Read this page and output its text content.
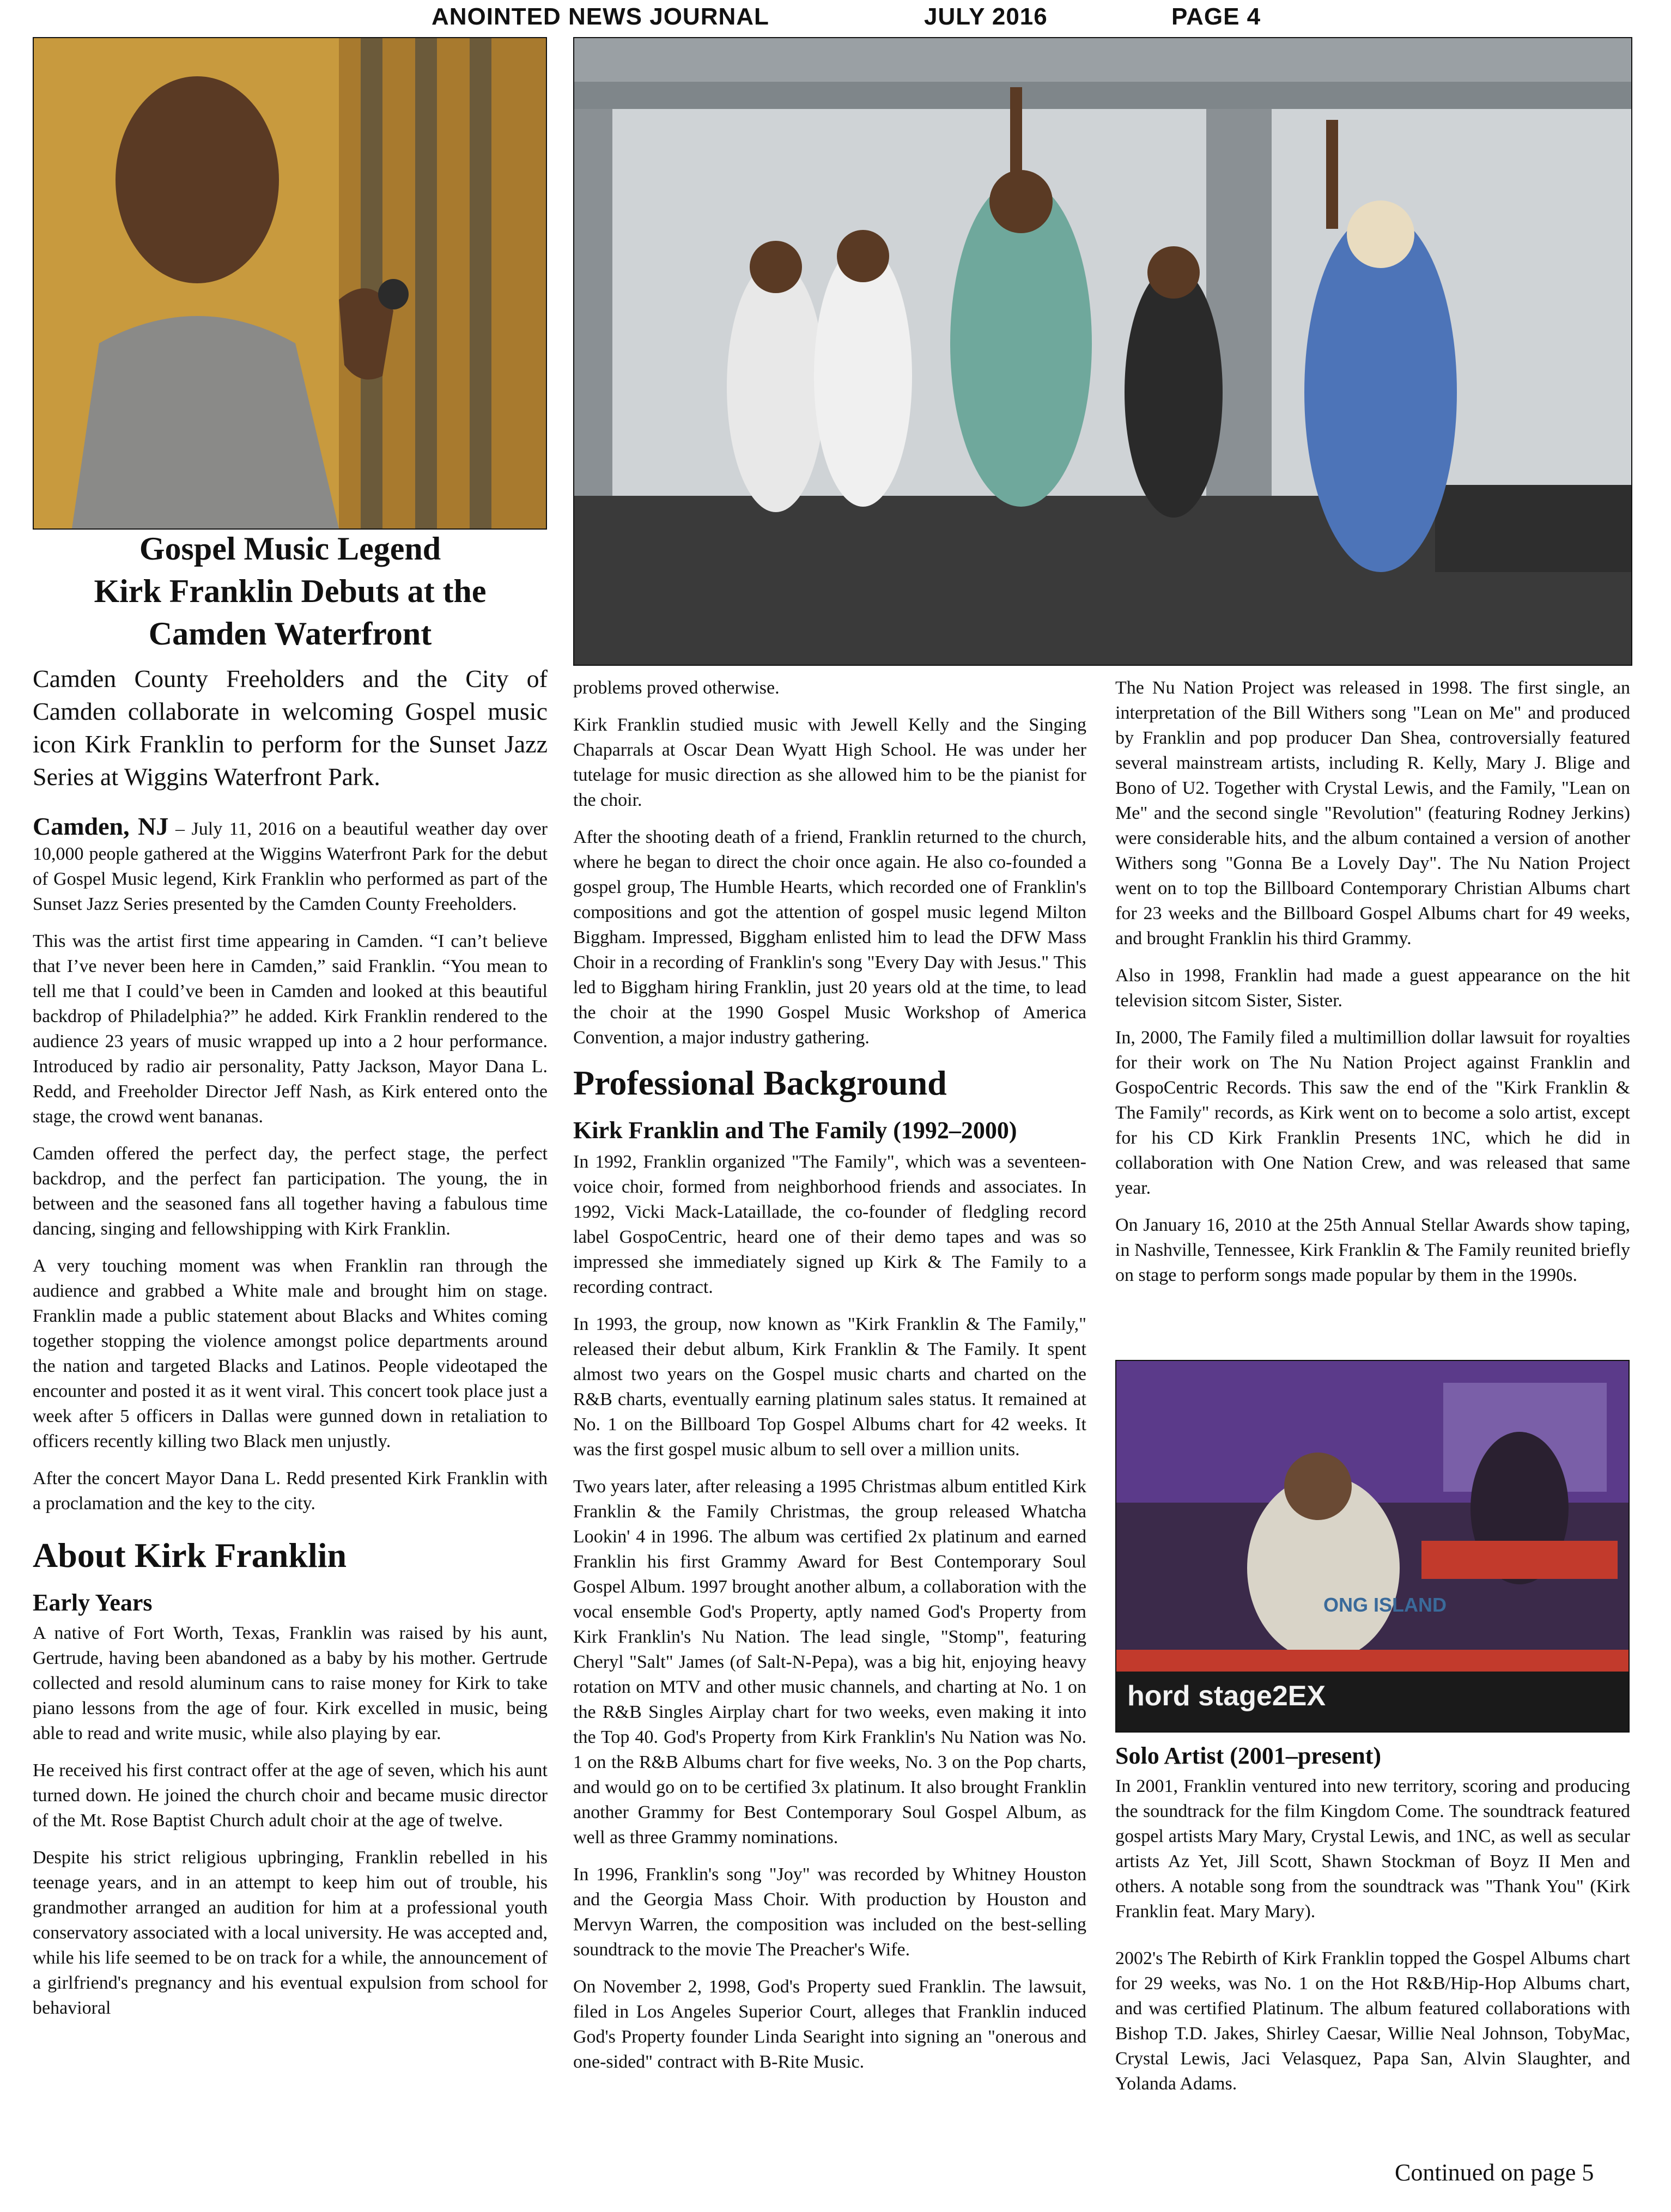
ANOINTED NEWS JOURNAL	JULY 2016	PAGE 4

Gospel Music Legend

Kirk Franklin Debuts at the

Camden Waterfront

Camden County Freeholders and the City of Camden collaborate in welcoming Gospel music icon Kirk Franklin to perform for the Sunset Jazz Series at Wiggins Waterfront Park.

Camden, NJ – July 11, 2016 on a beautiful weather day over 10,000 people gathered at the Wiggins Waterfront Park for the debut of Gospel Music legend, Kirk Franklin who performed as part of the Sunset Jazz Series presented by the Camden County Freeholders.

This was the artist first time appearing in Camden. “I can’t believe that I’ve never been here in Camden,” said Franklin. “You mean to tell me that I could’ve been in Camden and looked at this beautiful backdrop of Philadelphia?” he added. Kirk Franklin rendered to the audience 23 years of music wrapped up into a 2 hour performance. Introduced by radio air personality, Patty Jackson, Mayor Dana L. Redd, and Freeholder Director Jeff Nash, as Kirk entered onto the stage, the crowd went bananas.

Camden offered the perfect day, the perfect stage, the perfect backdrop, and the perfect fan participation. The young, the in between and the seasoned fans all together having a fabulous time dancing, singing and fellowshipping with Kirk Franklin.

A very touching moment was when Franklin ran through the audience and grabbed a White male and brought him on stage. Franklin made a public statement about Blacks and Whites coming together stopping the violence amongst police departments around the nation and targeted Blacks and Latinos. People videotaped the encounter and posted it as it went viral. This concert took place just a week after 5 officers in Dallas were gunned down in retaliation to officers recently killing two Black men unjustly.

After the concert Mayor Dana L. Redd presented Kirk Franklin with a proclamation and the key to the city.

About Kirk Franklin

Early Years

A native of Fort Worth, Texas, Franklin was raised by his aunt, Gertrude, having been abandoned as a baby by his mother. Gertrude collected and resold aluminum cans to raise money for Kirk to take piano lessons from the age of four. Kirk excelled in music, being able to read and write music, while also playing by ear.

He received his first contract offer at the age of seven, which his aunt turned down. He joined the church choir and became music director of the Mt. Rose Baptist Church adult choir at the age of twelve.

Despite his strict religious upbringing, Franklin rebelled in his teenage years, and in an attempt to keep him out of trouble, his grandmother arranged an audition for him at a professional youth conservatory associated with a local university. He was accepted and, while his life seemed to be on track for a while, the announcement of a girlfriend's pregnancy and his eventual expulsion from school for behavioral

problems proved otherwise.

Kirk Franklin studied music with Jewell Kelly and the Singing Chaparrals at Oscar Dean Wyatt High School. He was under her tutelage for music direction as she allowed him to be the pianist for the choir.

After the shooting death of a friend, Franklin returned to the church, where he began to direct the choir once again. He also co-founded a gospel group, The Humble Hearts, which recorded one of Franklin's compositions and got the attention of gospel music legend Milton Biggham. Impressed, Biggham enlisted him to lead the DFW Mass Choir in a recording of Franklin's song "Every Day with Jesus." This led to Biggham hiring Franklin, just 20 years old at the time, to lead the choir at the 1990 Gospel Music Workshop of America Convention, a major industry gathering.

Professional Background

Kirk Franklin and The Family (1992–2000)

In 1992, Franklin organized "The Family", which was a seventeen-voice choir, formed from neighborhood friends and associates. In 1992, Vicki Mack-Lataillade, the co-founder of fledgling record label GospoCentric, heard one of their demo tapes and was so impressed she immediately signed up Kirk & The Family to a recording contract.

In 1993, the group, now known as "Kirk Franklin & The Family," released their debut album, Kirk Franklin & The Family. It spent almost two years on the Gospel music charts and charted on the R&B charts, eventually earning platinum sales status. It remained at No. 1 on the Billboard Top Gospel Albums chart for 42 weeks. It was the first gospel music album to sell over a million units.

Two years later, after releasing a 1995 Christmas album entitled Kirk Franklin & the Family Christmas, the group released Whatcha Lookin' 4 in 1996. The album was certified 2x platinum and earned Franklin his first Grammy Award for Best Contemporary Soul Gospel Album. 1997 brought another album, a collaboration with the vocal ensemble God's Property, aptly named God's Property from Kirk Franklin's Nu Nation. The lead single, "Stomp", featuring Cheryl "Salt" James (of Salt-N-Pepa), was a big hit, enjoying heavy rotation on MTV and other music channels, and charting at No. 1 on the R&B Singles Airplay chart for two weeks, even making it into the Top 40. God's Property from Kirk Franklin's Nu Nation was No. 1 on the R&B Albums chart for five weeks, No. 3 on the Pop charts, and would go on to be certified 3x platinum. It also brought Franklin another Grammy for Best Contemporary Soul Gospel Album, as well as three Grammy nominations.

In 1996, Franklin's song "Joy" was recorded by Whitney Houston and the Georgia Mass Choir. With production by Houston and Mervyn Warren, the composition was included on the best-selling soundtrack to the movie The Preacher's Wife.

On November 2, 1998, God's Property sued Franklin. The lawsuit, filed in Los Angeles Superior Court, alleges that Franklin induced God's Property founder Linda Searight into signing an "onerous and one-sided" contract with B-Rite Music.

The Nu Nation Project was released in 1998. The first single, an interpretation of the Bill Withers song "Lean on Me" and produced by Franklin and pop producer Dan Shea, controversially featured several mainstream artists, including R. Kelly, Mary J. Blige and Bono of U2. Together with Crystal Lewis, and the Family, "Lean on Me" and the second single "Revolution" (featuring Rodney Jerkins) were considerable hits, and the album contained a version of another Withers song "Gonna Be a Lovely Day". The Nu Nation Project went on to top the Billboard Contemporary Christian Albums chart for 23 weeks and the Billboard Gospel Albums chart for 49 weeks, and brought Franklin his third Grammy.

Also in 1998, Franklin had made a guest appearance on the hit television sitcom Sister, Sister.

In, 2000, The Family filed a multimillion dollar lawsuit for royalties for their work on The Nu Nation Project against Franklin and GospoCentric Records. This saw the end of the "Kirk Franklin & The Family" records, as Kirk went on to become a solo artist, except for his CD Kirk Franklin Presents 1NC, which he did in collaboration with One Nation Crew, and was released that same year.

On January 16, 2010 at the 25th Annual Stellar Awards show taping, in Nashville, Tennessee, Kirk Franklin & The Family reunited briefly on stage to perform songs made popular by them in the 1990s.

hord stage2EX
ONG ISLAND

Solo Artist (2001–present)

In 2001, Franklin ventured into new territory, scoring and producing the soundtrack for the film Kingdom Come. The soundtrack featured gospel artists Mary Mary, Crystal Lewis, and 1NC, as well as secular artists Az Yet, Jill Scott, Shawn Stockman of Boyz II Men and others. A notable song from the soundtrack was "Thank You" (Kirk Franklin feat. Mary Mary).

2002's The Rebirth of Kirk Franklin topped the Gospel Albums chart for 29 weeks, was No. 1 on the Hot R&B/Hip-Hop Albums chart, and was certified Platinum. The album featured collaborations with Bishop T.D. Jakes, Shirley Caesar, Willie Neal Johnson, TobyMac, Crystal Lewis, Jaci Velasquez, Papa San, Alvin Slaughter, and Yolanda Adams.

Continued on page 5
